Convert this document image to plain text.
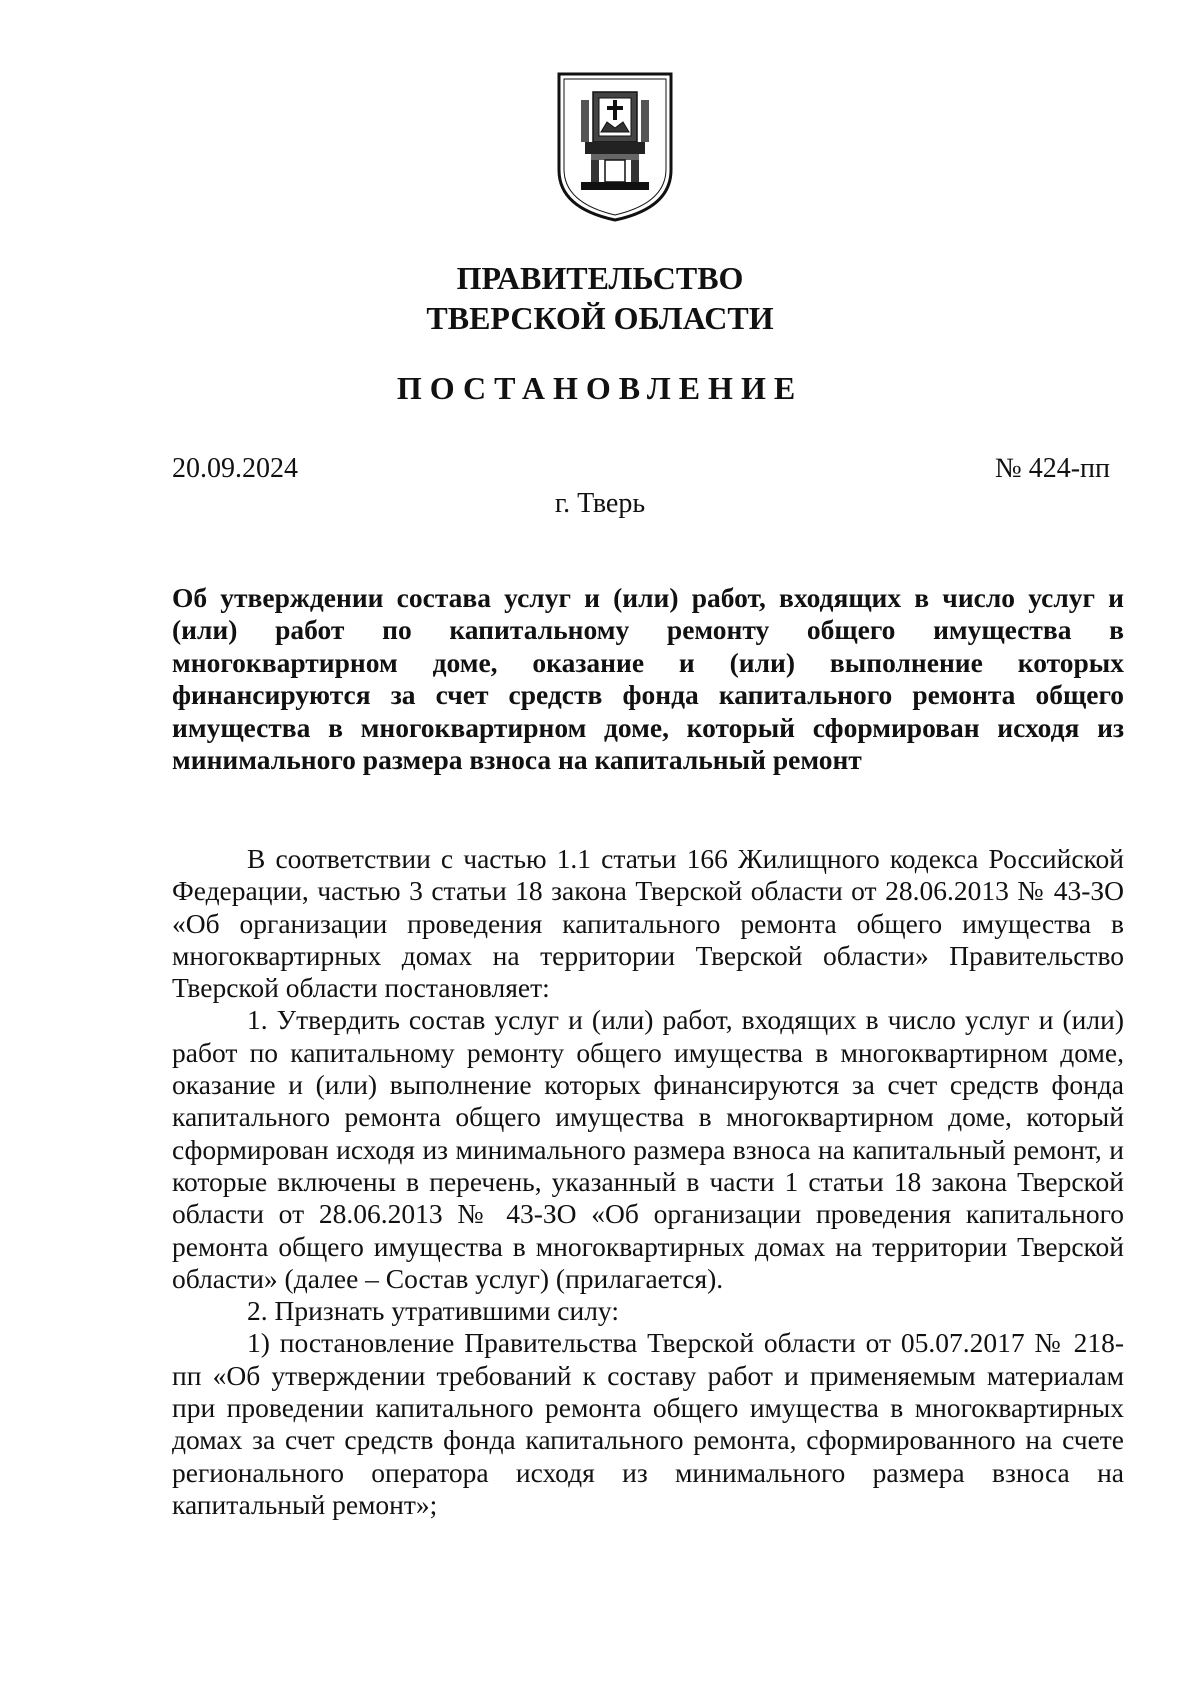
ПРАВИТЕЛЬСТВО
ТВЕРСКОЙ ОБЛАСТИ
ПОСТАНОВЛЕНИЕ
20.09.2024	№ 424-пп
г. Тверь
Об утверждении состава услуг и (или) работ, входящих в число услуг и (или) работ по капитальному ремонту общего имущества в многоквартирном доме, оказание и (или) выполнение которых финансируются за счет средств фонда капитального ремонта общего имущества в многоквартирном доме, который сформирован исходя из минимального размера взноса на капитальный ремонт

В соответствии с частью 1.1 статьи 166 Жилищного кодекса Российской Федерации, частью 3 статьи 18 закона Тверской области от 28.06.2013 № 43-ЗО «Об организации проведения капитального ремонта общего имущества в многоквартирных домах на территории Тверской области» Правительство Тверской области постановляет:

1. Утвердить состав услуг и (или) работ, входящих в число услуг и (или) работ по капитальному ремонту общего имущества в многоквартирном доме, оказание и (или) выполнение которых финансируются за счет средств фонда капитального ремонта общего имущества в многоквартирном доме, который сформирован исходя из минимального размера взноса на капитальный ремонт, и которые включены в перечень, указанный в части 1 статьи 18 закона Тверской области от 28.06.2013 № 43-ЗО «Об организации проведения капитального ремонта общего имущества в многоквартирных домах на территории Тверской области» (далее – Состав услуг) (прилагается).

2. Признать утратившими силу:

1) постановление Правительства Тверской области от 05.07.2017 № 218-пп «Об утверждении требований к составу работ и применяемым материалам при проведении капитального ремонта общего имущества в многоквартирных домах за счет средств фонда капитального ремонта, сформированного на счете регионального оператора исходя из минимального размера взноса на капитальный ремонт»;
